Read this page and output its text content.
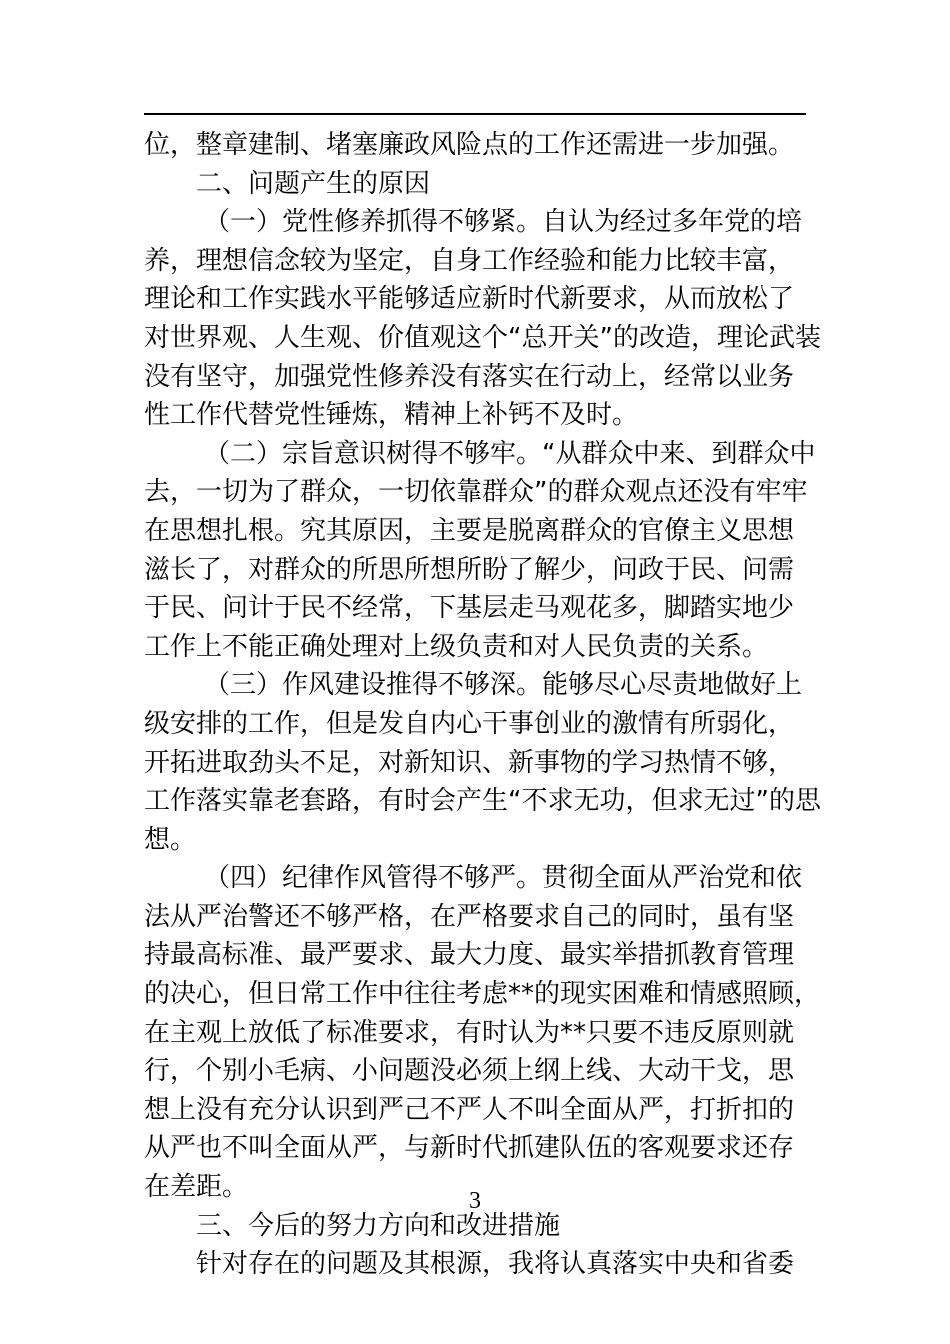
位，整章建制、堵塞廉政风险点的工作还需进一步加强。
二、问题产生的原因
（一）党性修养抓得不够紧。自认为经过多年党的培
养，理想信念较为坚定，自身工作经验和能力比较丰富，
理论和工作实践水平能够适应新时代新要求，从而放松了
对世界观、人生观、价值观这个“总开关”的改造，理论武装
没有坚守，加强党性修养没有落实在行动上，经常以业务
性工作代替党性锤炼，精神上补钙不及时。
（二）宗旨意识树得不够牢。“从群众中来、到群众中
去，一切为了群众，一切依靠群众”的群众观点还没有牢牢
在思想扎根。究其原因，主要是脱离群众的官僚主义思想
滋长了，对群众的所思所想所盼了解少，问政于民、问需
于民、问计于民不经常，下基层走马观花多，脚踏实地少
工作上不能正确处理对上级负责和对人民负责的关系。
（三）作风建设推得不够深。能够尽心尽责地做好上
级安排的工作，但是发自内心干事创业的激情有所弱化，
开拓进取劲头不足，对新知识、新事物的学习热情不够，
工作落实靠老套路，有时会产生“不求无功，但求无过”的思
想。
（四）纪律作风管得不够严。贯彻全面从严治党和依
法从严治警还不够严格，在严格要求自己的同时，虽有坚
持最高标准、最严要求、最大力度、最实举措抓教育管理
的决心，但日常工作中往往考虑**的现实困难和情感照顾，
在主观上放低了标准要求，有时认为**只要不违反原则就
行，个别小毛病、小问题没必须上纲上线、大动干戈，思
想上没有充分认识到严己不严人不叫全面从严，打折扣的
从严也不叫全面从严，与新时代抓建队伍的客观要求还存
在差距。
三、今后的努力方向和改进措施
针对存在的问题及其根源，我将认真落实中央和省委
3
